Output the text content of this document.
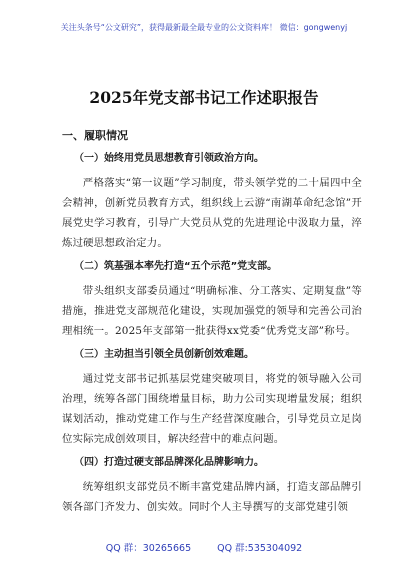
关注头条号“公文研究”，获得最新最全最专业的公文资料库！ 微信：gongwenyj
2025年党支部书记工作述职报告
一、履职情况
（一）始终用党员思想教育引领政治方向。

严格落实“第一议题”学习制度，带头领学党的二十届四中全会精神，创新党员教育方式，组织线上云游“南湖革命纪念馆”开展党史学习教育，引导广大党员从党的先进理论中汲取力量，淬炼过硬思想政治定力。

（二）筑基强本率先打造“五个示范”党支部。

带头组织支部委员通过“明确标准、分工落实、定期复盘”等措施，推进党支部规范化建设，实现加强党的领导和完善公司治理相统一。2025年支部第一批获得xx党委“优秀党支部”称号。

（三）主动担当引领全员创新创效难题。

通过党支部书记抓基层党建突破项目，将党的领导融入公司治理，统筹各部门围绕增量目标，助力公司实现增量发展；组织谋划活动，推动党建工作与生产经营深度融合，引导党员立足岗位实际完成创效项目，解决经营中的难点问题。

（四）打造过硬支部品牌深化品牌影响力。

统筹组织支部党员不断丰富党建品牌内涵，打造支部品牌引领各部门齐发力、创实效。同时个人主导撰写的支部党建引领

QQ 群：30265665	QQ 群:535304092
